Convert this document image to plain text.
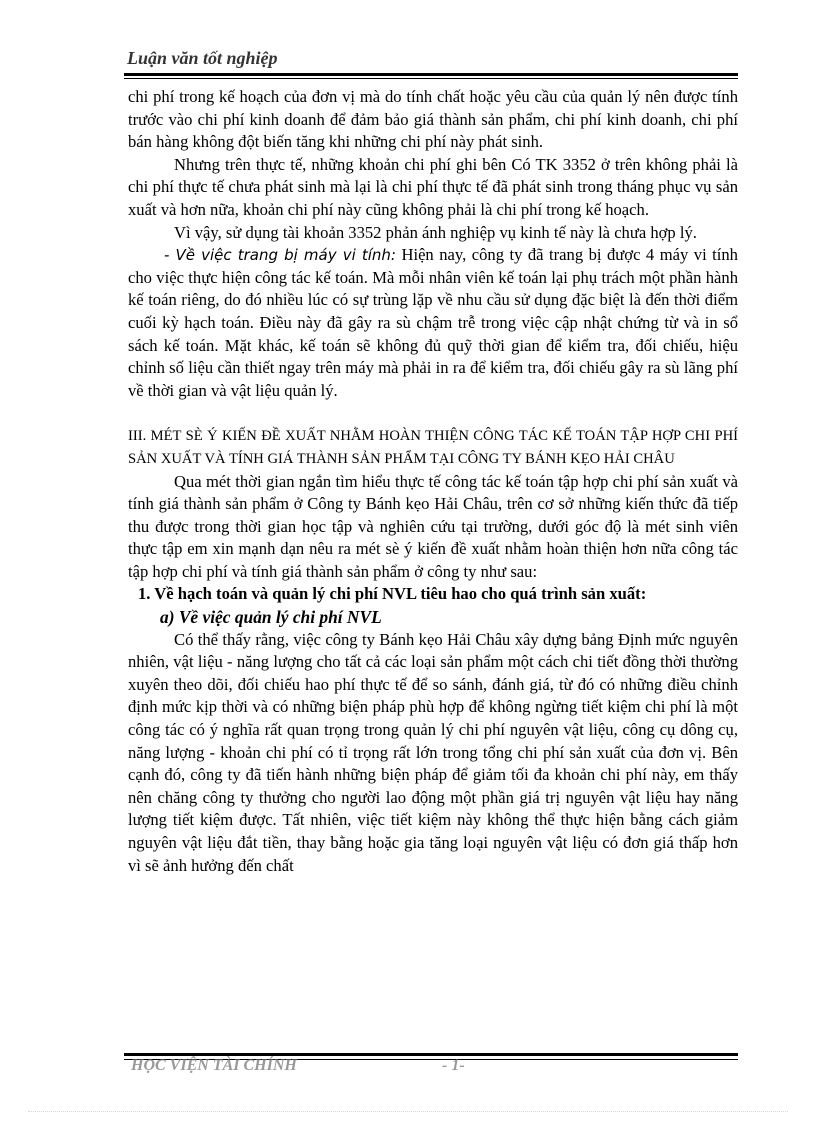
Luận văn tốt nghiệp

chi phí trong kế hoạch của đơn vị mà do tính chất hoặc yêu cầu của quản lý nên được tính trước vào chi phí kinh doanh để đảm bảo giá thành sản phẩm, chi phí kinh doanh, chi phí bán hàng không đột biến tăng khi những chi phí này phát sinh.

Nhưng trên thực tế, những khoản chi phí ghi bên Có TK 3352 ở trên không phải là chi phí thực tế chưa phát sinh mà lại là chi phí thực tế đã phát sinh trong tháng phục vụ sản xuất và hơn nữa, khoản chi phí này cũng không phải là chi phí trong kế hoạch.

Vì vậy, sử dụng tài khoản 3352 phản ánh nghiệp vụ kinh tế này là chưa hợp lý.

- Về việc trang bị máy vi tính: Hiện nay, công ty đã trang bị được 4 máy vi tính cho việc thực hiện công tác kế toán. Mà mỗi nhân viên kế toán lại phụ trách một phần hành kế toán riêng, do đó nhiều lúc có sự trùng lặp về nhu cầu sử dụng đặc biệt là đến thời điểm cuối kỳ hạch toán. Điều này đã gây ra sù chậm trễ trong việc cập nhật chứng từ và in sổ sách kế toán. Mặt khác, kế toán sẽ không đủ quỹ thời gian để kiểm tra, đối chiếu, hiệu chỉnh số liệu cần thiết ngay trên máy mà phải in ra để kiểm tra, đối chiếu gây ra sù lãng phí về thời gian và vật liệu quản lý.

III. MÉT SÈ Ý KIẾN ĐỀ XUẤT NHẰM HOÀN THIỆN CÔNG TÁC KẾ TOÁN TẬP HỢP CHI PHÍ SẢN XUẤT VÀ TÍNH GIÁ THÀNH SẢN PHẨM TẠI CÔNG TY BÁNH KẸO HẢI CHÂU

Qua mét thời gian ngắn tìm hiểu thực tế công tác kế toán tập hợp chi phí sản xuất và tính giá thành sản phẩm ở Công ty Bánh kẹo Hải Châu, trên cơ sở những kiến thức đã tiếp thu được trong thời gian học tập và nghiên cứu tại trường, dưới góc độ là mét sinh viên thực tập em xin mạnh dạn nêu ra mét sè ý kiến đề xuất nhằm hoàn thiện hơn nữa công tác tập hợp chi phí và tính giá thành sản phẩm ở công ty như sau:

1. Về hạch toán và quản lý chi phí NVL tiêu hao cho quá trình sản xuất:

a) Về việc quản lý chi phí NVL

Có thể thấy rằng, việc công ty Bánh kẹo Hải Châu xây dựng bảng Định mức nguyên nhiên, vật liệu - năng lượng cho tất cả các loại sản phẩm một cách chi tiết đồng thời thường xuyên theo dõi, đối chiếu hao phí thực tế để so sánh, đánh giá, từ đó có những điều chỉnh định mức kịp thời và có những biện pháp phù hợp để không ngừng tiết kiệm chi phí là một công tác có ý nghĩa rất quan trọng trong quản lý chi phí nguyên vật liệu, công cụ dông cụ, năng lượng - khoản chi phí có tỉ trọng rất lớn trong tổng chi phí sản xuất của đơn vị. Bên cạnh đó, công ty đã tiến hành những biện pháp để giảm tối đa khoản chi phí này, em thấy nên chăng công ty thưởng cho người lao động một phần giá trị nguyên vật liệu hay năng lượng tiết kiệm được. Tất nhiên, việc tiết kiệm này không thể thực hiện bằng cách giảm nguyên vật liệu đắt tiền, thay bằng hoặc gia tăng loại nguyên vật liệu có đơn giá thấp hơn vì sẽ ảnh hưởng đến chất

HỌC VIỆN TÀI CHÍNH	- 1-
